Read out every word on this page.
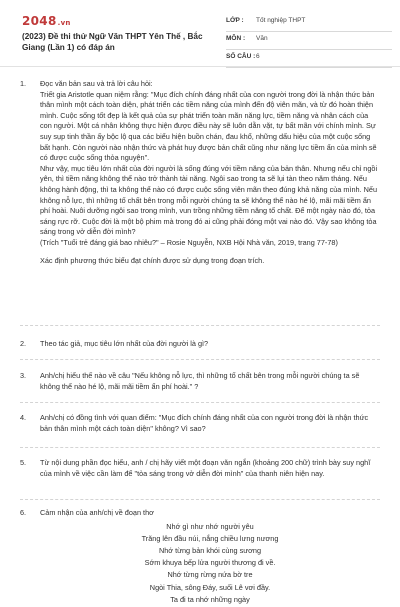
2048.vn
(2023) Đề thi thử Ngữ Văn THPT Yên Thế , Bắc Giang (Lần 1) có đáp án
LỚP : Tốt nghiệp THPT
MÔN : Văn
SỐ CÂU : 6
1.	Đọc văn bản sau và trả lời câu hỏi:

Triết gia Aristotle quan niệm rằng: "Mục đích chính đáng nhất của con người trong đời là nhận thức bản thân mình một cách toàn diện, phát triển các tiềm năng của mình đến độ viên mãn, và từ đó hoàn thiện mình. Cuộc sống tốt đẹp là kết quả của sự phát triển toàn mãn năng lực, tiềm năng và nhân cách của con người. Một cá nhân không thực hiện được điều này sẽ luôn dằn vặt, tự bất mãn với chính mình. Sự suy sụp tinh thần ấy bộc lộ qua các biểu hiện buồn chán, đau khổ, những dấu hiệu của một cuộc sống bất hạnh. Còn người nào nhận thức và phát huy được bản chất cũng như năng lực tiềm ẩn của mình sẽ có được cuộc sống thỏa nguyện".

Như vậy, mục tiêu lớn nhất của đời người là sống đúng với tiềm năng của bản thân. Nhưng nếu chỉ ngồi yên, thì tiềm năng không thể nào trở thành tài năng. Ngôi sao trong ta sẽ lụi tàn theo năm tháng. Nếu không hành động, thì ta không thể nào có được cuộc sống viên mãn theo đúng khả năng của mình. Nếu không nỗ lực, thì những tố chất bên trong mỗi người chúng ta sẽ không thể nào hé lộ, mãi mãi tiềm ẩn phí hoài. Nuôi dưỡng ngôi sao trong mình, vun trồng những tiềm năng tố chất. Để một ngày nào đó, tỏa sáng rực rỡ. Cuộc đời là một bộ phim mà trong đó ai cũng phải đóng một vai nào đó. Vậy sao không tỏa sáng trong vở diễn đời mình?

(Trích "Tuổi trẻ đáng giá bao nhiêu?" – Rosie Nguyễn, NXB Hội Nhà văn, 2019, trang 77-78)

Xác định phương thức biểu đạt chính được sử dụng trong đoạn trích.

2.	Theo tác giả, mục tiêu lớn nhất của đời người là gì?

3.	Anh/chị hiểu thế nào về câu "Nếu không nỗ lực, thì những tố chất bên trong mỗi người chúng ta sẽ không thể nào hé lộ, mãi mãi tiềm ẩn phí hoài." ?

4.	Anh/chị có đồng tình với quan điểm: "Mục đích chính đáng nhất của con người trong đời là nhận thức bản thân mình một cách toàn diện" không? Vì sao?

5.	Từ nội dung phần đọc hiểu, anh / chị hãy viết một đoạn văn ngắn (khoảng 200 chữ) trình bày suy nghĩ của mình về việc cần làm để "tỏa sáng trong vở diễn đời mình" của thanh niên hiện nay.

6.	Cảm nhận của anh/chị về đoạn thơ

Nhớ gì như nhớ người yêu
Trăng lên đầu núi, nắng chiều lưng nương
Nhớ từng bản khói cùng sương
Sớm khuya bếp lửa người thương đi về.
Nhớ từng rừng nứa bờ tre
Ngòi Thia, sông Đáy, suối Lê vơi đầy.
Ta đi ta nhớ những ngày
